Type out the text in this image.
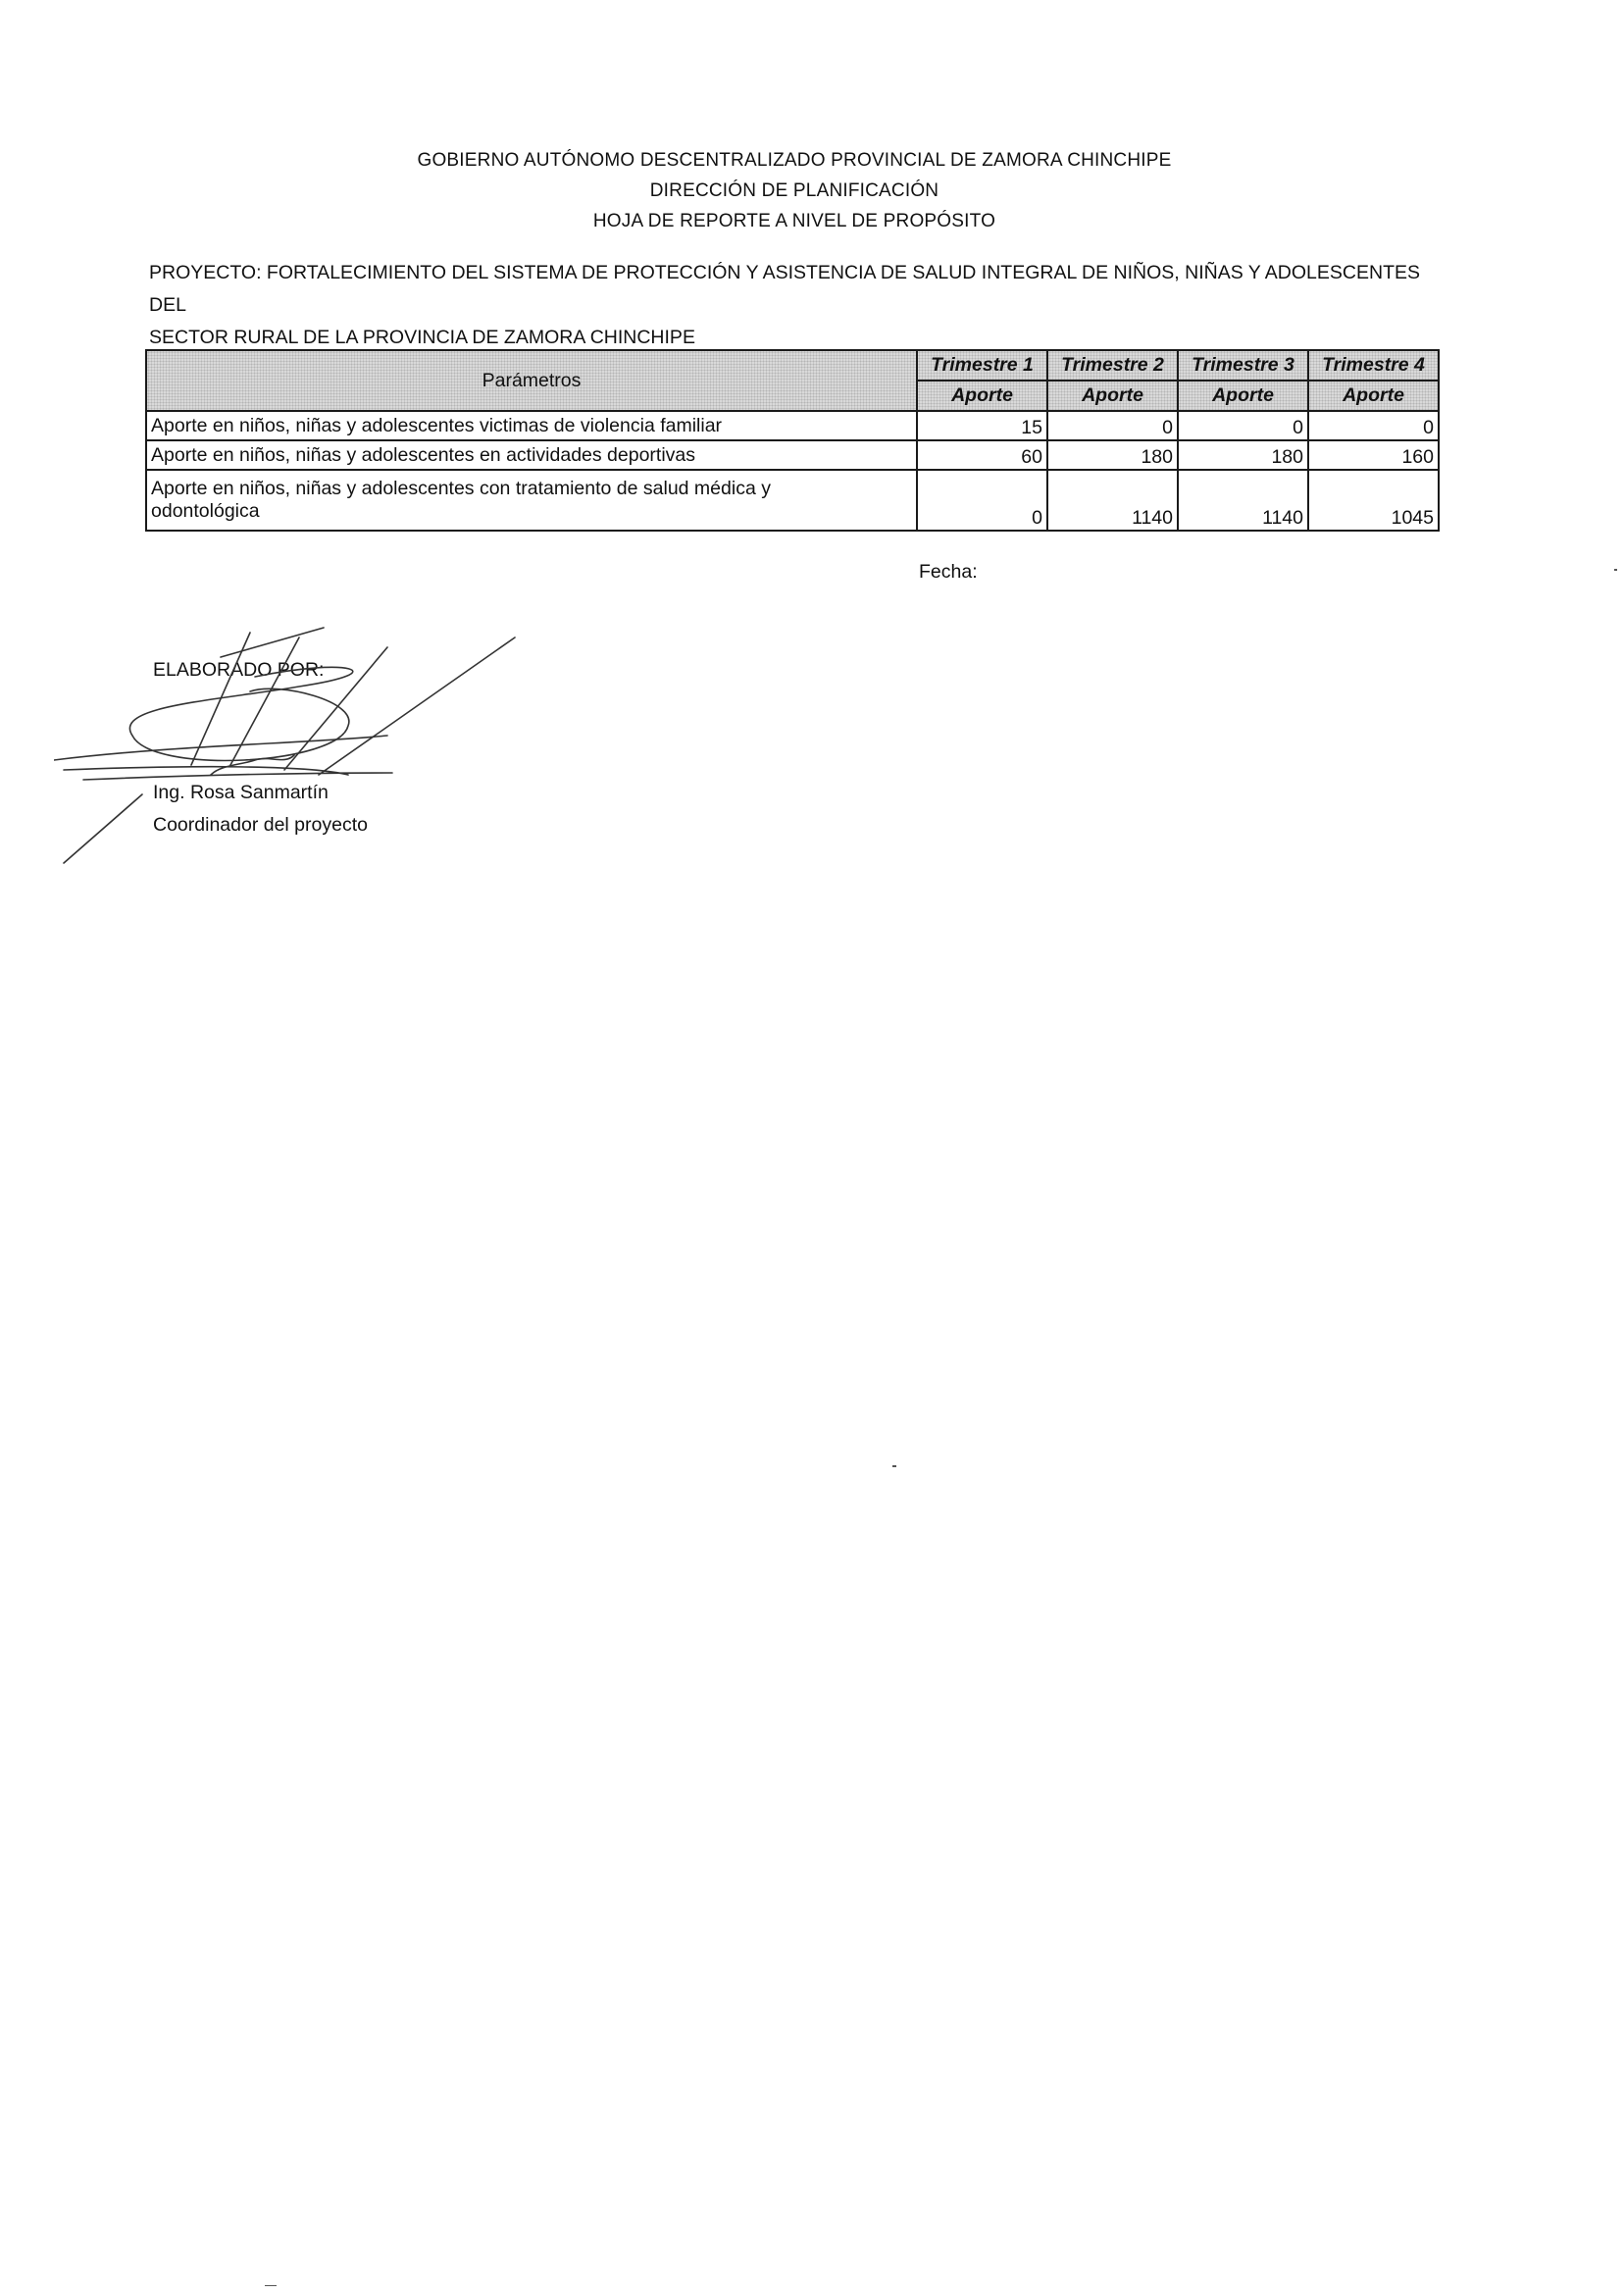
GOBIERNO AUTÓNOMO DESCENTRALIZADO PROVINCIAL DE ZAMORA CHINCHIPE
DIRECCIÓN DE PLANIFICACIÓN
HOJA DE REPORTE A NIVEL DE PROPÓSITO
PROYECTO: FORTALECIMIENTO DEL SISTEMA DE PROTECCIÓN Y ASISTENCIA DE SALUD INTEGRAL DE NIÑOS, NIÑAS Y ADOLESCENTES DEL
SECTOR RURAL DE LA PROVINCIA DE ZAMORA CHINCHIPE
Parámetros	Trimestre 1	Trimestre 2	Trimestre 3	Trimestre 4
	Aporte	Aporte	Aporte	Aporte
Aporte en niños, niñas y adolescentes victimas de violencia familiar	15	0	0	0
Aporte en niños, niñas y adolescentes en actividades deportivas	60	180	180	160

Aporte en niños, niñas y adolescentes con tratamiento de salud médica y
odontológica	0	1140	1140	1045
Fecha:
ELABORADO POR:
Ing. Rosa Sanmartín
Coordinador del proyecto
